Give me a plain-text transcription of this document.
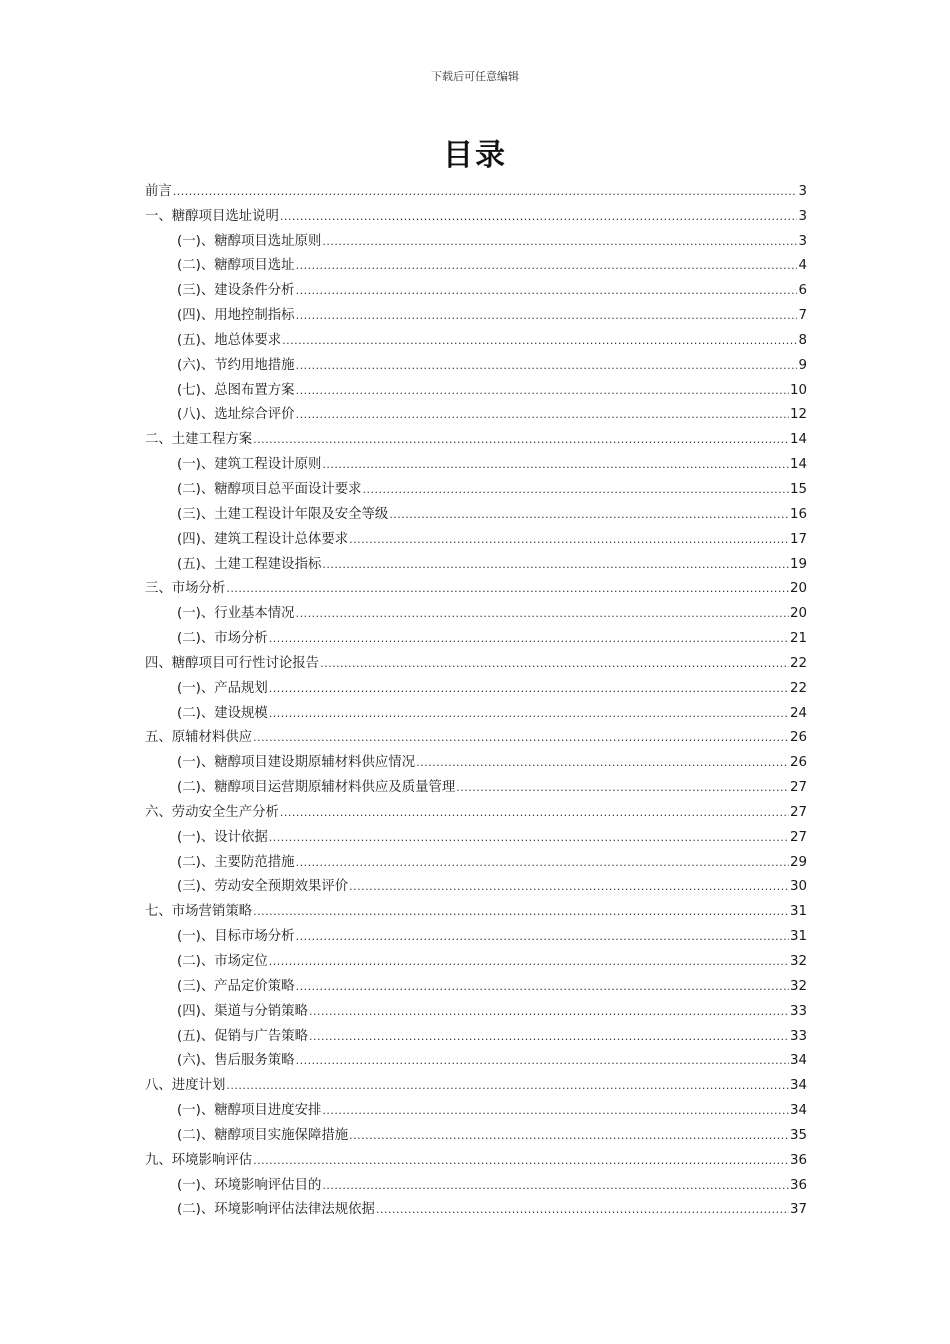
下载后可任意编辑
目录
前言 .....	3
一、糖醇项目选址说明 .....	3
(一)、糖醇项目选址原则 .....	3
(二)、糖醇项目选址 .....	4
(三)、建设条件分析 .....	6
(四)、用地控制指标 .....	7
(五)、地总体要求 .....	8
(六)、节约用地措施 .....	9
(七)、总图布置方案 .....	10
(八)、选址综合评价 .....	12
二、土建工程方案 .....	14
(一)、建筑工程设计原则 .....	14
(二)、糖醇项目总平面设计要求 .....	15
(三)、土建工程设计年限及安全等级 .....	16
(四)、建筑工程设计总体要求 .....	17
(五)、土建工程建设指标 .....	19
三、市场分析 .....	20
(一)、行业基本情况 .....	20
(二)、市场分析 .....	21
四、糖醇项目可行性讨论报告 .....	22
(一)、产品规划 .....	22
(二)、建设规模 .....	24
五、原辅材料供应 .....	26
(一)、糖醇项目建设期原辅材料供应情况 .....	26
(二)、糖醇项目运营期原辅材料供应及质量管理 .....	27
六、劳动安全生产分析 .....	27
(一)、设计依据 .....	27
(二)、主要防范措施 .....	29
(三)、劳动安全预期效果评价 .....	30
七、市场营销策略 .....	31
(一)、目标市场分析 .....	31
(二)、市场定位 .....	32
(三)、产品定价策略 .....	32
(四)、渠道与分销策略 .....	33
(五)、促销与广告策略 .....	33
(六)、售后服务策略 .....	34
八、进度计划 .....	34
(一)、糖醇项目进度安排 .....	34
(二)、糖醇项目实施保障措施 .....	35
九、环境影响评估 .....	36
(一)、环境影响评估目的 .....	36
(二)、环境影响评估法律法规依据 .....	37
